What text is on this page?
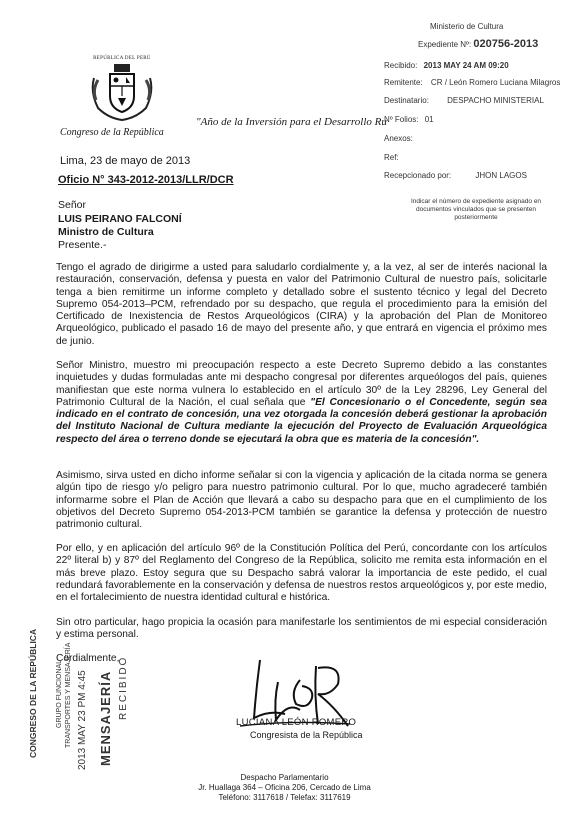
REPÚBLICA DEL PERÚ
Congreso de la República
"Año de la Inversión para el Desarrollo Ru
Ministerio de Cultura
Expediente Nº: 020756-2013
Recibido: 2013 MAY 24 AM 09:20
Remitente: CR / León Romero Luciana Milagros
Destinatario: DESPACHO MINISTERIAL
Nº Folios: 01
Anexos:
Ref:
Recepcionado por:	JHON LAGOS
Indicar el número de expediente asignado en documentos vinculados que se presenten posteriormente
Lima, 23 de mayo de 2013
Oficio N° 343-2012-2013/LLR/DCR
Señor
LUIS PEIRANO FALCONÍ
Ministro de Cultura
Presente.-
Tengo el agrado de dirigirme a usted para saludarlo cordialmente y, a la vez, al ser de interés nacional la restauración, conservación, defensa y puesta en valor del Patrimonio Cultural de nuestro país, solicitarle tenga a bien remitirme un informe completo y detallado sobre el sustento técnico y legal del Decreto Supremo 054-2013–PCM, refrendado por su despacho, que regula el procedimiento para la emisión del Certificado de Inexistencia de Restos Arqueológicos (CIRA) y la aprobación del Plan de Monitoreo Arqueológico, publicado el pasado 16 de mayo del presente año, y que entrará en vigencia el próximo mes de junio.
Señor Ministro, muestro mi preocupación respecto a este Decreto Supremo debido a las constantes inquietudes y dudas formuladas ante mi despacho congresal por diferentes arqueólogos del país, quienes manifiestan que este norma vulnera lo establecido en el artículo 30º de la Ley 28296, Ley General del Patrimonio Cultural de la Nación, el cual señala que "El Concesionario o el Concedente, según sea indicado en el contrato de concesión, una vez otorgada la concesión deberá gestionar la aprobación del Instituto Nacional de Cultura mediante la ejecución del Proyecto de Evaluación Arqueológica respecto del área o terreno donde se ejecutará la obra que es materia de la concesión".
Asimismo, sirva usted en dicho informe señalar si con la vigencia y aplicación de la citada norma se genera algún tipo de riesgo y/o peligro para nuestro patrimonio cultural. Por lo que, mucho agradeceré también informarme sobre el Plan de Acción que llevará a cabo su despacho para que en el cumplimiento de los objetivos del Decreto Supremo 054-2013-PCM también se garantice la defensa y protección de nuestro patrimonio cultural.
Por ello, y en aplicación del artículo 96º de la Constitución Política del Perú, concordante con los artículos 22º literal b) y 87º del Reglamento del Congreso de la República, solicito me remita esta información en el más breve plazo. Estoy segura que su Despacho sabrá valorar la importancia de este pedido, el cual redundará favorablemente en la conservación y defensa de nuestros restos arqueológicos y, por este medio, en el fortalecimiento de nuestra identidad cultural e histórica.
Sin otro particular, hago propicia la ocasión para manifestarle los sentimientos de mi especial consideración y estima personal.
Cordialmente,
LUCIANA LEÓN ROMERO
Congresista de la República
CONGRESO DE LA REPÚBLICA	GRUPO FUNCIONAL TRANSPORTES Y MENSAJERÍA 2013 MAY 23 PM 4:45 MENSAJERÍA RECIBIDO
Despacho Parlamentario
Jr. Huallaga 364 – Oficina 206, Cercado de Lima
Teléfono: 3117618 / Telefax: 3117619
